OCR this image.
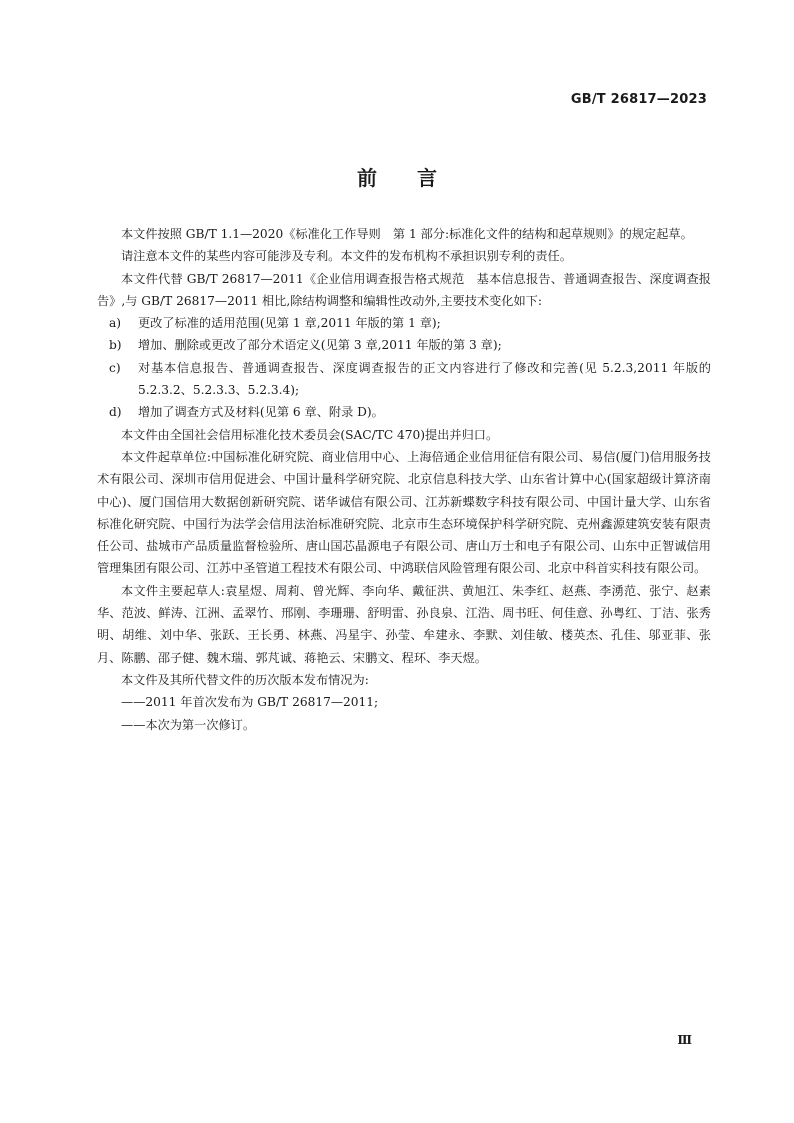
GB/T 26817—2023
前 言

本文件按照 GB/T 1.1—2020《标准化工作导则　第 1 部分:标准化文件的结构和起草规则》的规定起草。

请注意本文件的某些内容可能涉及专利。本文件的发布机构不承担识别专利的责任。

本文件代替 GB/T 26817—2011《企业信用调查报告格式规范　基本信息报告、普通调查报告、深度调查报告》,与 GB/T 26817—2011 相比,除结构调整和编辑性改动外,主要技术变化如下:

a)	更改了标准的适用范围(见第 1 章,2011 年版的第 1 章);
b)	增加、删除或更改了部分术语定义(见第 3 章,2011 年版的第 3 章);
c)	对基本信息报告、普通调查报告、深度调查报告的正文内容进行了修改和完善(见 5.2.3,2011 年版的 5.2.3.2、5.2.3.3、5.2.3.4);
d)	增加了调查方式及材料(见第 6 章、附录 D)。

本文件由全国社会信用标准化技术委员会(SAC/TC 470)提出并归口。

本文件起草单位:中国标准化研究院、商业信用中心、上海倍通企业信用征信有限公司、易信(厦门)信用服务技术有限公司、深圳市信用促进会、中国计量科学研究院、北京信息科技大学、山东省计算中心(国家超级计算济南中心)、厦门国信用大数据创新研究院、诺华诚信有限公司、江苏新蝶数字科技有限公司、中国计量大学、山东省标准化研究院、中国行为法学会信用法治标准研究院、北京市生态环境保护科学研究院、克州鑫源建筑安装有限责任公司、盐城市产品质量监督检验所、唐山国芯晶源电子有限公司、唐山万士和电子有限公司、山东中正智诚信用管理集团有限公司、江苏中圣管道工程技术有限公司、中鸿联信风险管理有限公司、北京中科首实科技有限公司。

本文件主要起草人:袁星煜、周莉、曾光辉、李向华、戴征洪、黄旭江、朱李红、赵燕、李湧范、张宁、赵素华、范波、鲜涛、江洲、孟翠竹、邢刚、李珊珊、舒明雷、孙良泉、江浩、周书旺、何佳意、孙粤红、丁洁、张秀明、胡维、刘中华、张跃、王长勇、林燕、冯星宇、孙莹、牟建永、李默、刘佳敏、楼英杰、孔佳、邬亚菲、张月、陈鹏、邵子健、魏木瑞、郭芃诚、蒋艳云、宋鹏文、程环、李天煜。

本文件及其所代替文件的历次版本发布情况为:

——2011 年首次发布为 GB/T 26817—2011;

——本次为第一次修订。

Ⅲ
